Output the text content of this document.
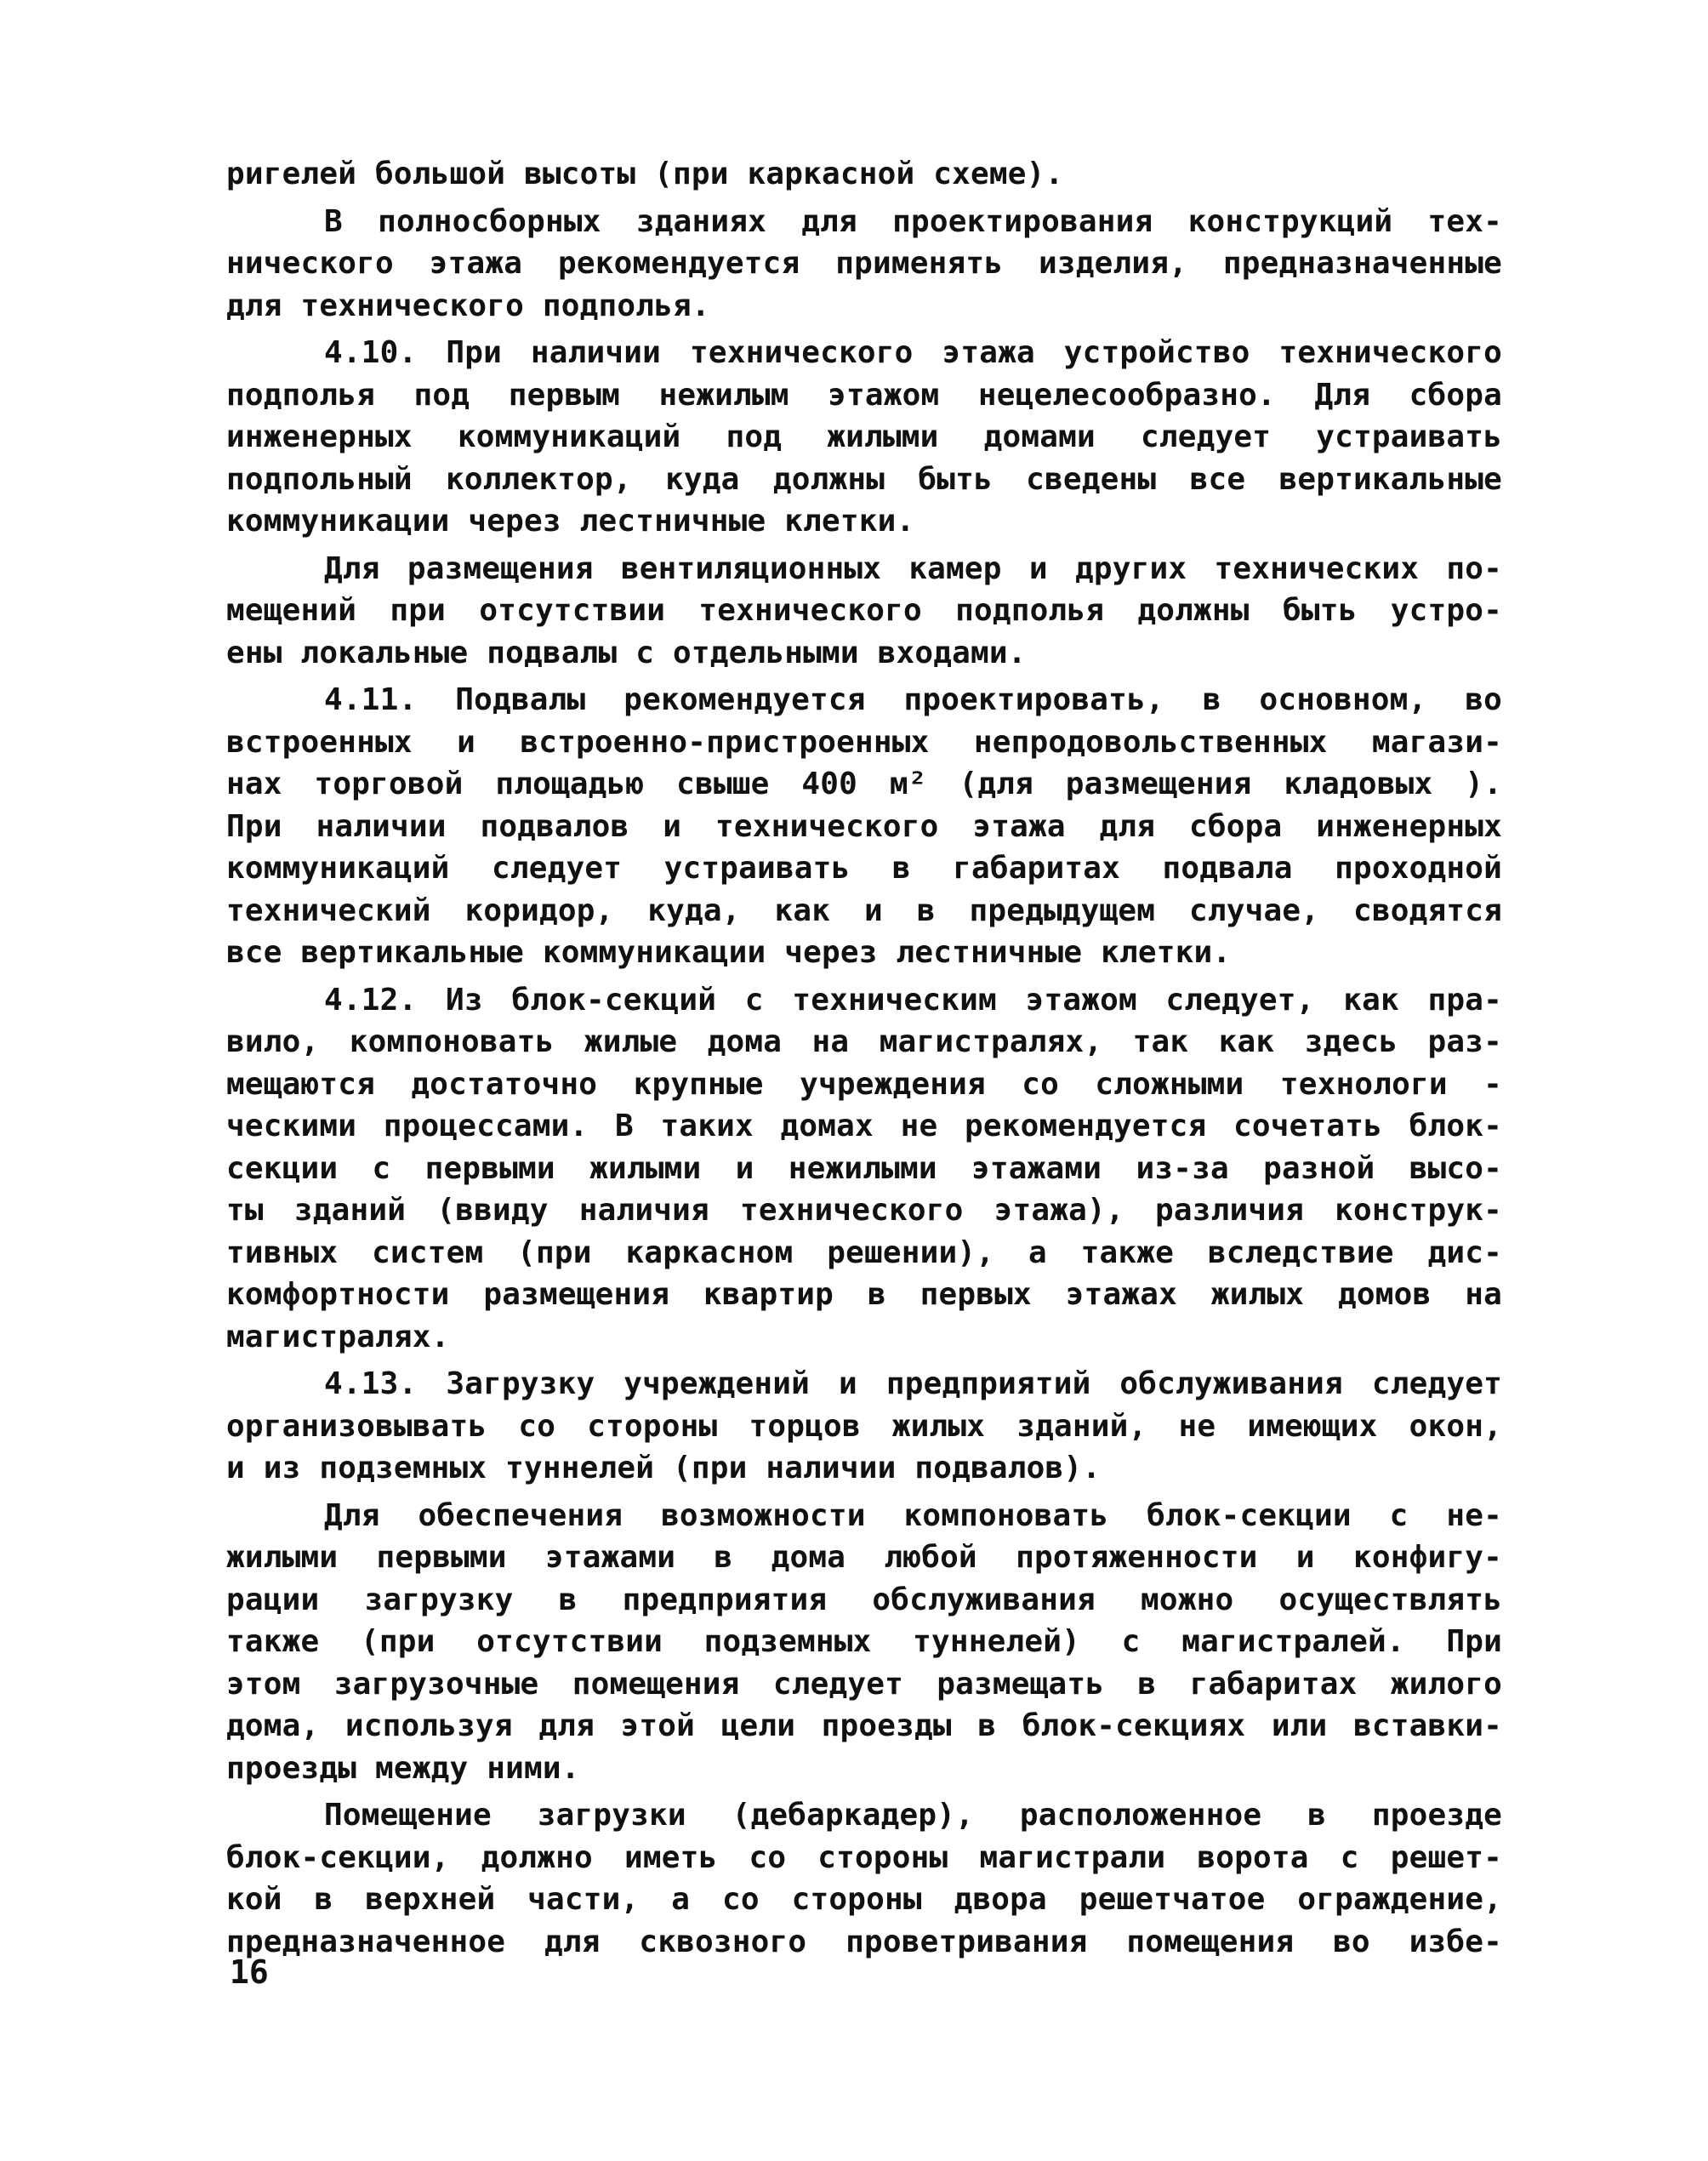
ригелей большой высоты (при каркасной схеме).
В полносборных зданиях для проектирования конструкций тех-
нического этажа рекомендуется применять изделия, предназначенные
для технического подполья.
4.10. При наличии технического этажа устройство технического
подполья под первым нежилым этажом нецелесообразно. Для сбора
инженерных коммуникаций под жилыми домами следует устраивать
подпольный коллектор, куда должны быть сведены все вертикальные
коммуникации через лестничные клетки.
Для размещения вентиляционных камер и других технических по-
мещений при отсутствии технического подполья должны быть устро-
ены локальные подвалы с отдельными входами.
4.11. Подвалы рекомендуется проектировать, в основном, во
встроенных и встроенно-пристроенных непродовольственных магази-
нах торговой площадью свыше 400 м² (для размещения кладовых ).
При наличии подвалов и технического этажа для сбора инженерных
коммуникаций следует устраивать в габаритах подвала проходной
технический коридор, куда, как и в предыдущем случае, сводятся
все вертикальные коммуникации через лестничные клетки.
4.12. Из блок-секций с техническим этажом следует, как пра-
вило, компоновать жилые дома на магистралях, так как здесь раз-
мещаются достаточно крупные учреждения со сложными технологи -
ческими процессами. В таких домах не рекомендуется сочетать блок-
секции с первыми жилыми и нежилыми этажами из-за разной высо-
ты зданий (ввиду наличия технического этажа), различия конструк-
тивных систем (при каркасном решении), а также вследствие дис-
комфортности размещения квартир в первых этажах жилых домов на
магистралях.
4.13. Загрузку учреждений и предприятий обслуживания следует
организовывать со стороны торцов жилых зданий, не имеющих окон,
и из подземных туннелей (при наличии подвалов).
Для обеспечения возможности компоновать блок-секции с не-
жилыми первыми этажами в дома любой протяженности и конфигу-
рации загрузку в предприятия обслуживания можно осуществлять
также (при отсутствии подземных туннелей) с магистралей. При
этом загрузочные помещения следует размещать в габаритах жилого
дома, используя для этой цели проезды в блок-секциях или вставки-
проезды между ними.
Помещение загрузки (дебаркадер), расположенное в проезде
блок-секции, должно иметь со стороны магистрали ворота с решет-
кой в верхней части, а со стороны двора решетчатое ограждение,
предназначенное для сквозного проветривания помещения во избе-
16
